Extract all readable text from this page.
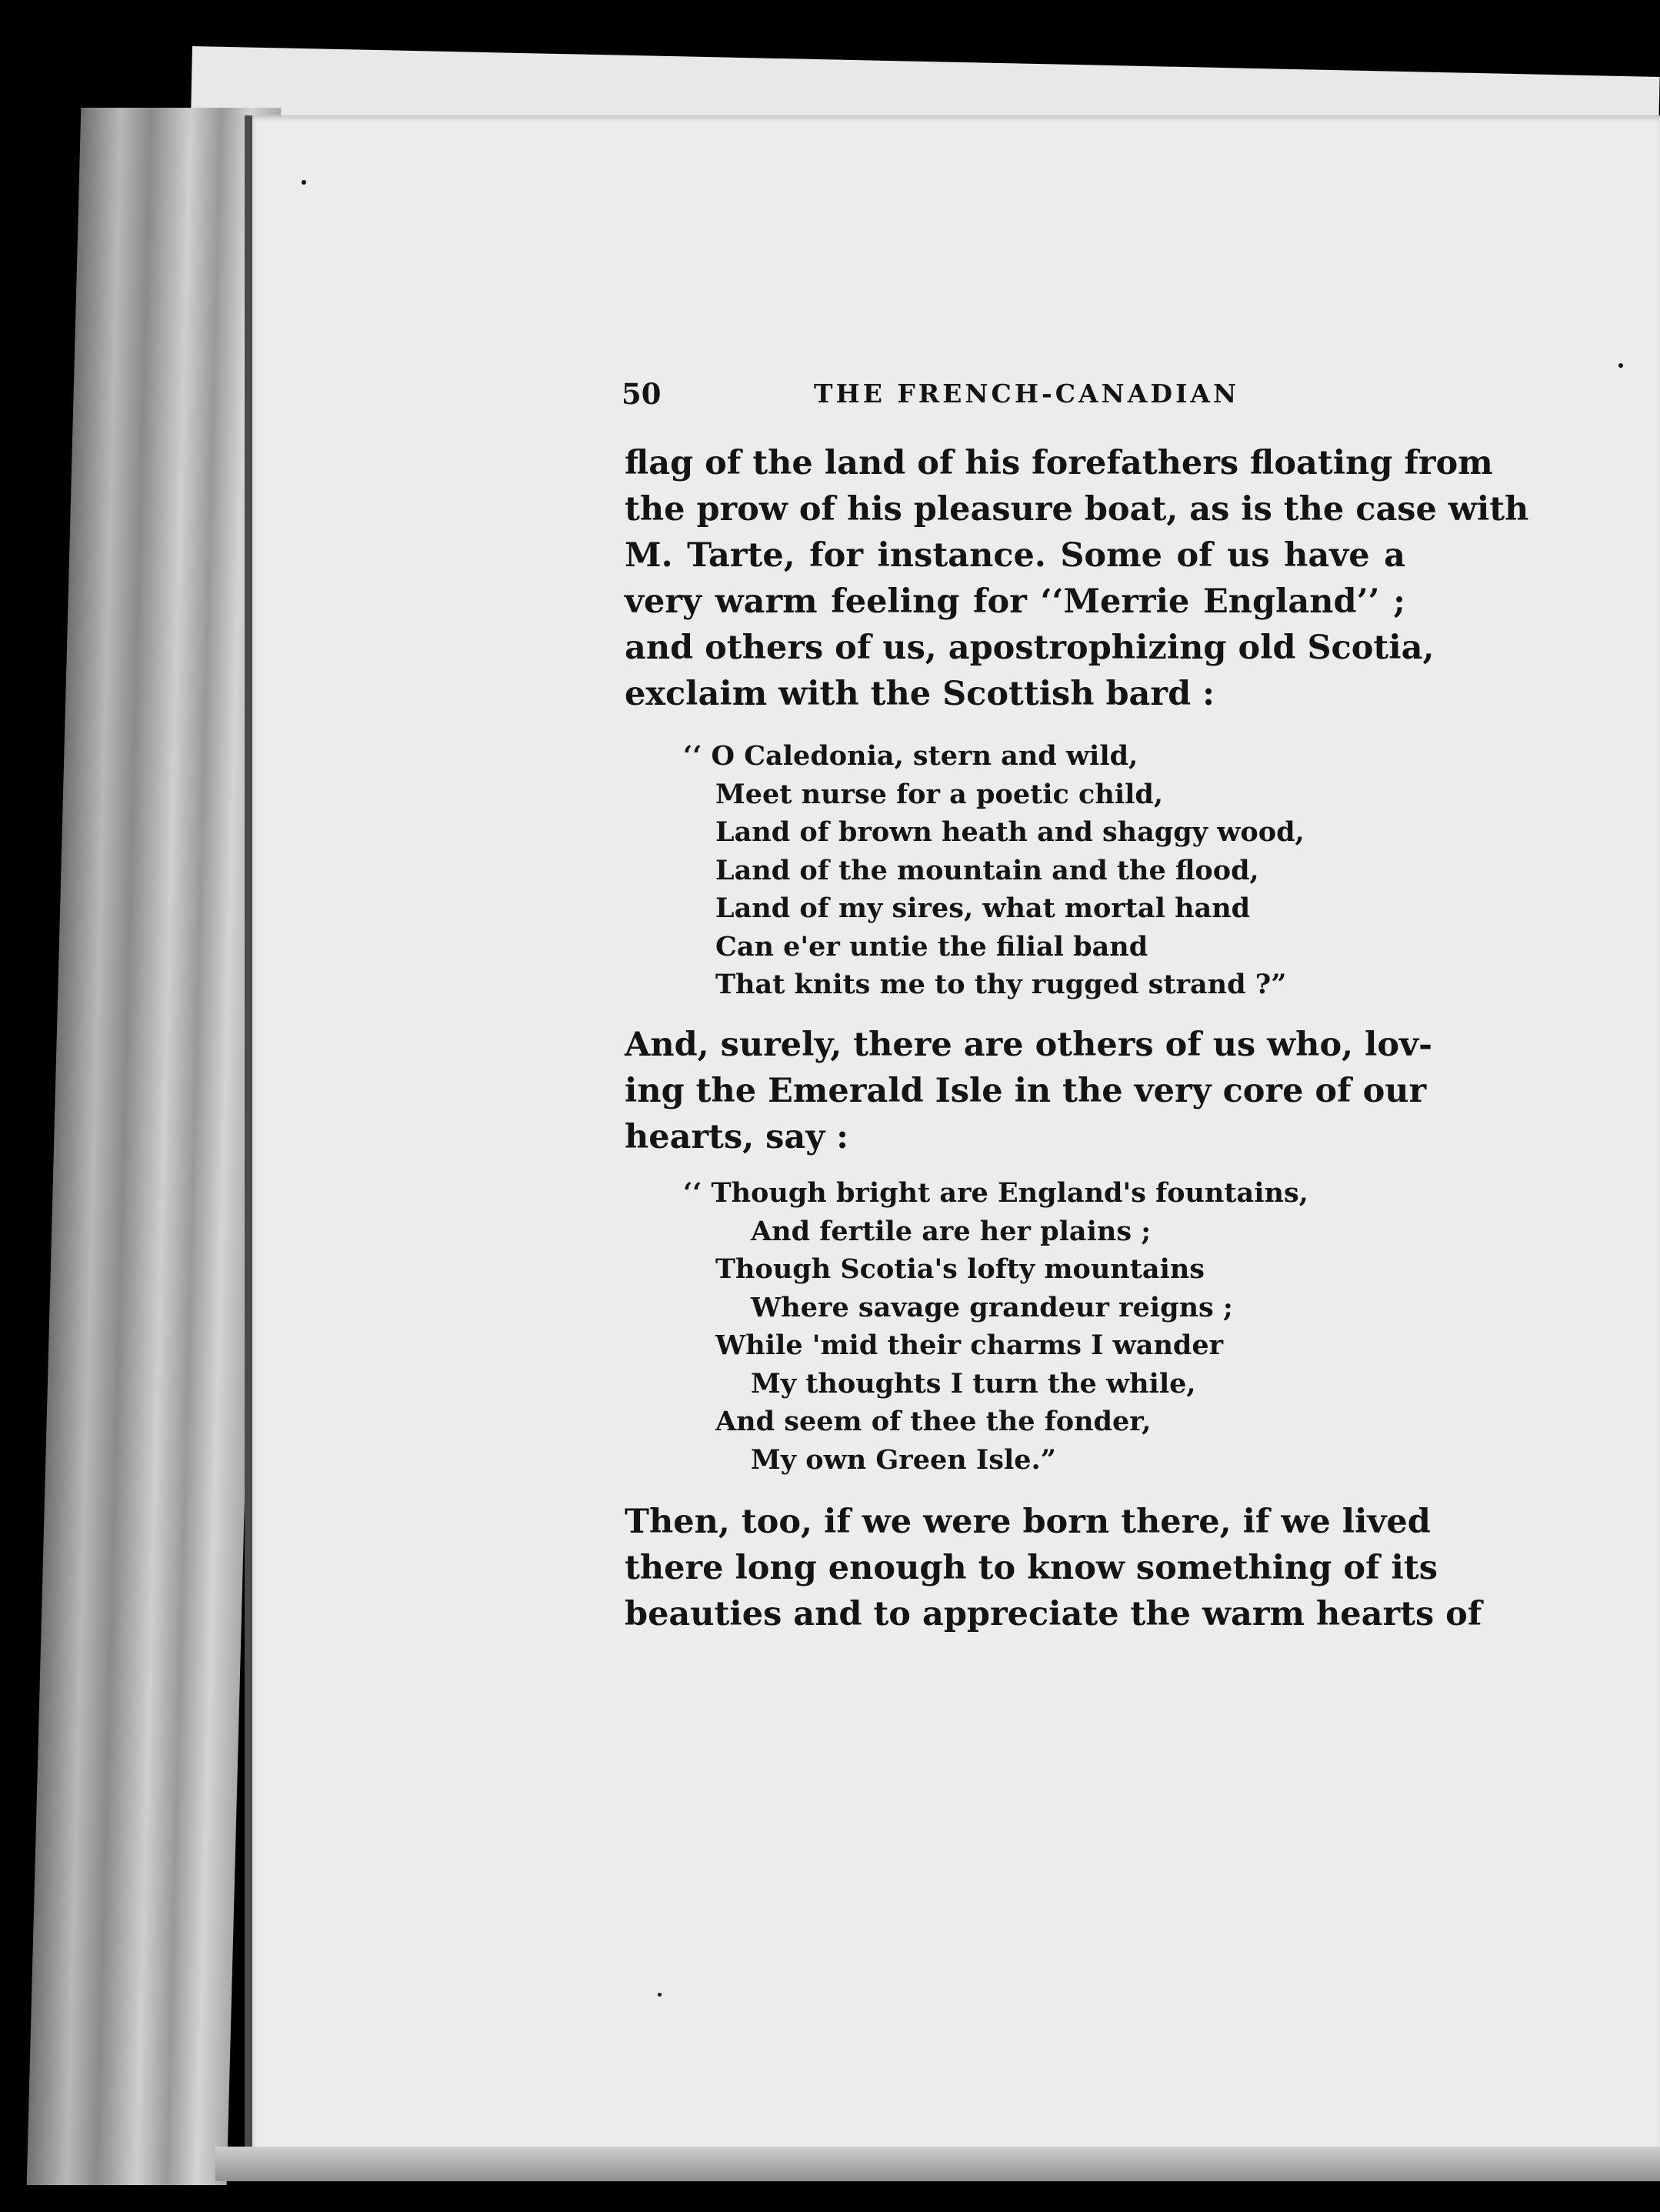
50	THE FRENCH-CANADIAN
flag of the land of his forefathers floating from
the prow of his pleasure boat, as is the case with
M. Tarte, for instance. Some of us have a
very warm feeling for ‘‘Merrie England’’ ;
and others of us, apostrophizing old Scotia,
exclaim with the Scottish bard :
‘‘ O Caledonia, stern and wild,
Meet nurse for a poetic child,
Land of brown heath and shaggy wood,
Land of the mountain and the flood,
Land of my sires, what mortal hand
Can e'er untie the filial band
That knits me to thy rugged strand ?”
And, surely, there are others of us who, lov-
ing the Emerald Isle in the very core of our
hearts, say :
‘‘ Though bright are England's fountains,
And fertile are her plains ;
Though Scotia's lofty mountains
Where savage grandeur reigns ;
While 'mid their charms I wander
My thoughts I turn the while,
And seem of thee the fonder,
My own Green Isle.”
Then, too, if we were born there, if we lived
there long enough to know something of its
beauties and to appreciate the warm hearts of
